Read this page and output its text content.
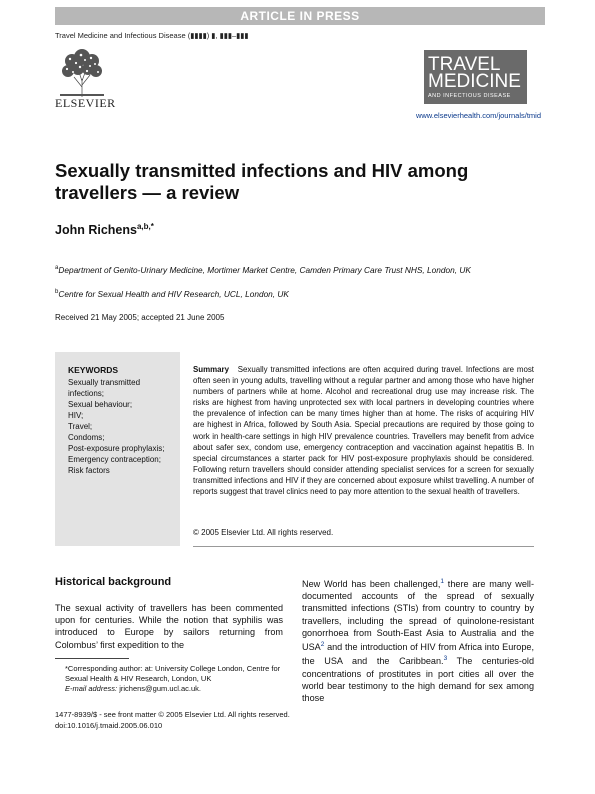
ARTICLE IN PRESS
Travel Medicine and Infectious Disease (▮▮▮▮) ▮, ▮▮▮–▮▮▮
ELSEVIER
TRAVEL
MEDICINE
AND INFECTIOUS DISEASE
www.elsevierhealth.com/journals/tmid
Sexually transmitted infections and HIV among travellers — a review
John Richens$^{a,b,*}$
$^a$Department of Genito-Urinary Medicine, Mortimer Market Centre, Camden Primary Care Trust NHS, London, UK
$^b$Centre for Sexual Health and HIV Research, UCL, London, UK
Received 21 May 2005; accepted 21 June 2005
KEYWORDS
Sexually transmitted infections;
Sexual behaviour;
HIV;
Travel;
Condoms;
Post-exposure prophylaxis;
Emergency contraception;
Risk factors
Summary Sexually transmitted infections are often acquired during travel. Infections are most often seen in young adults, travelling without a regular partner and among those who have higher numbers of partners while at home. Alcohol and recreational drug use may increase risk. The risks are highest from having unprotected sex with local partners in developing countries where the prevalence of infection can be many times higher than at home. The risks of acquiring HIV are highest in Africa, followed by South Asia. Special precautions are required by those going to work in health-care settings in high HIV prevalence countries. Travellers may benefit from advice about safer sex, condom use, emergency contraception and vaccination against hepatitis B. In special circumstances a starter pack for HIV post-exposure prophylaxis should be considered. Following return travellers should consider attending specialist services for a screen for sexually transmitted infections and HIV if they are concerned about exposure whilst travelling. A number of reports suggest that travel clinics need to pay more attention to the sexual health of travellers.
© 2005 Elsevier Ltd. All rights reserved.
Historical background
The sexual activity of travellers has been commented upon for centuries. While the notion that syphilis was introduced to Europe by sailors returning from Colombus’ first expedition to the
New World has been challenged,$^1$ there are many well-documented accounts of the spread of sexually transmitted infections (STIs) from country to country by travellers, including the spread of quinolone-resistant gonorrhoea from South-East Asia to Australia and the USA$^2$ and the introduction of HIV from Africa into Europe, the USA and the Caribbean.$^3$ The centuries-old concentrations of prostitutes in port cities all over the world bear testimony to the high demand for sex among those
*Corresponding author: at: University College London, Centre for Sexual Health & HIV Research, London, UK
E-mail address: jrichens@gum.ucl.ac.uk.
1477-8939/$ - see front matter © 2005 Elsevier Ltd. All rights reserved.
doi:10.1016/j.tmaid.2005.06.010
